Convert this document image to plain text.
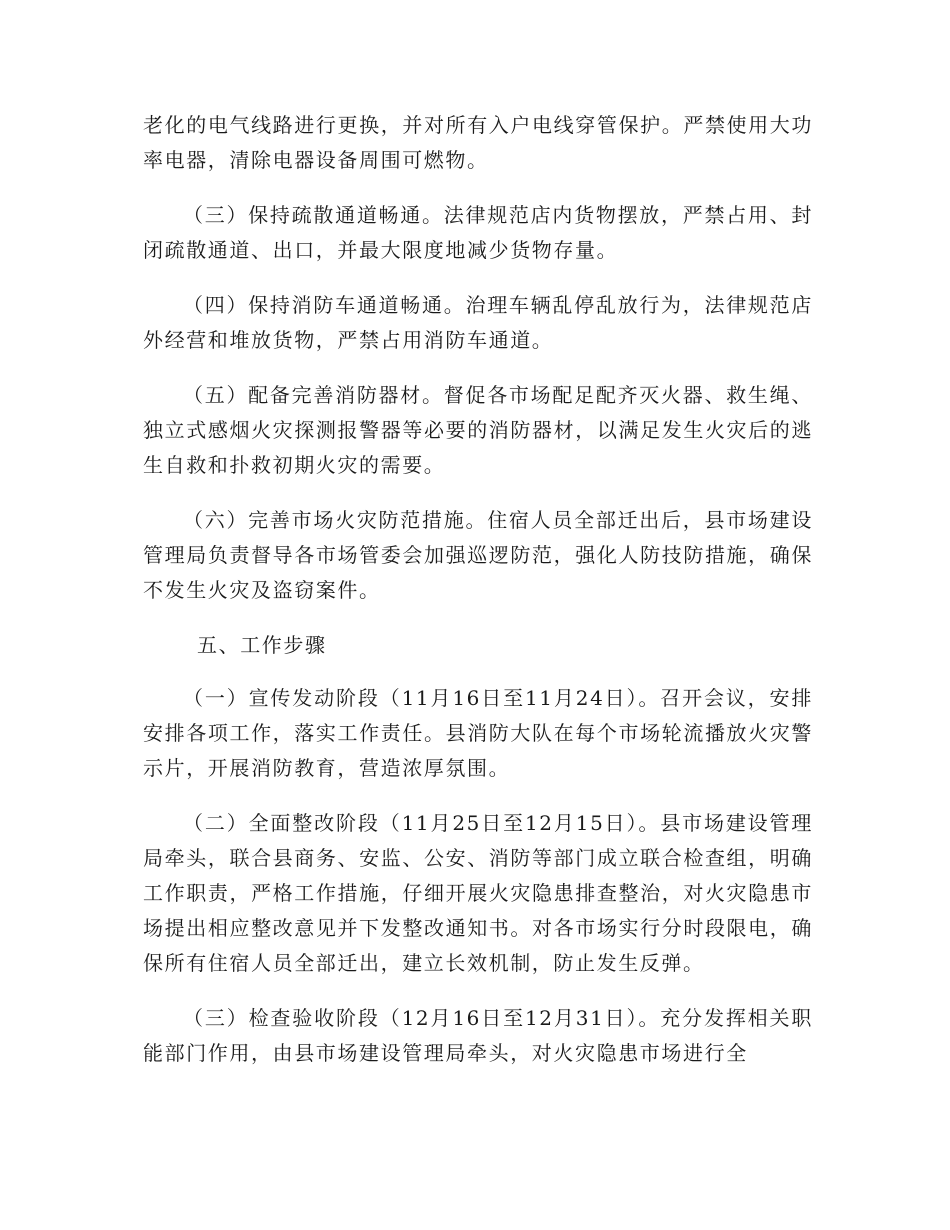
老化的电气线路进行更换，并对所有入户电线穿管保护。严禁使用大功率电器，清除电器设备周围可燃物。

（三）保持疏散通道畅通。法律规范店内货物摆放，严禁占用、封闭疏散通道、出口，并最大限度地减少货物存量。

（四）保持消防车通道畅通。治理车辆乱停乱放行为，法律规范店外经营和堆放货物，严禁占用消防车通道。

（五）配备完善消防器材。督促各市场配足配齐灭火器、救生绳、独立式感烟火灾探测报警器等必要的消防器材，以满足发生火灾后的逃生自救和扑救初期火灾的需要。

（六）完善市场火灾防范措施。住宿人员全部迁出后，县市场建设管理局负责督导各市场管委会加强巡逻防范，强化人防技防措施，确保不发生火灾及盗窃案件。

五、工作步骤

（一）宣传发动阶段（11月16日至11月24日）。召开会议，安排安排各项工作，落实工作责任。县消防大队在每个市场轮流播放火灾警示片，开展消防教育，营造浓厚氛围。

（二）全面整改阶段（11月25日至12月15日）。县市场建设管理局牵头，联合县商务、安监、公安、消防等部门成立联合检查组，明确工作职责，严格工作措施，仔细开展火灾隐患排查整治，对火灾隐患市场提出相应整改意见并下发整改通知书。对各市场实行分时段限电，确保所有住宿人员全部迁出，建立长效机制，防止发生反弹。

（三）检查验收阶段（12月16日至12月31日）。充分发挥相关职能部门作用，由县市场建设管理局牵头，对火灾隐患市场进行全
